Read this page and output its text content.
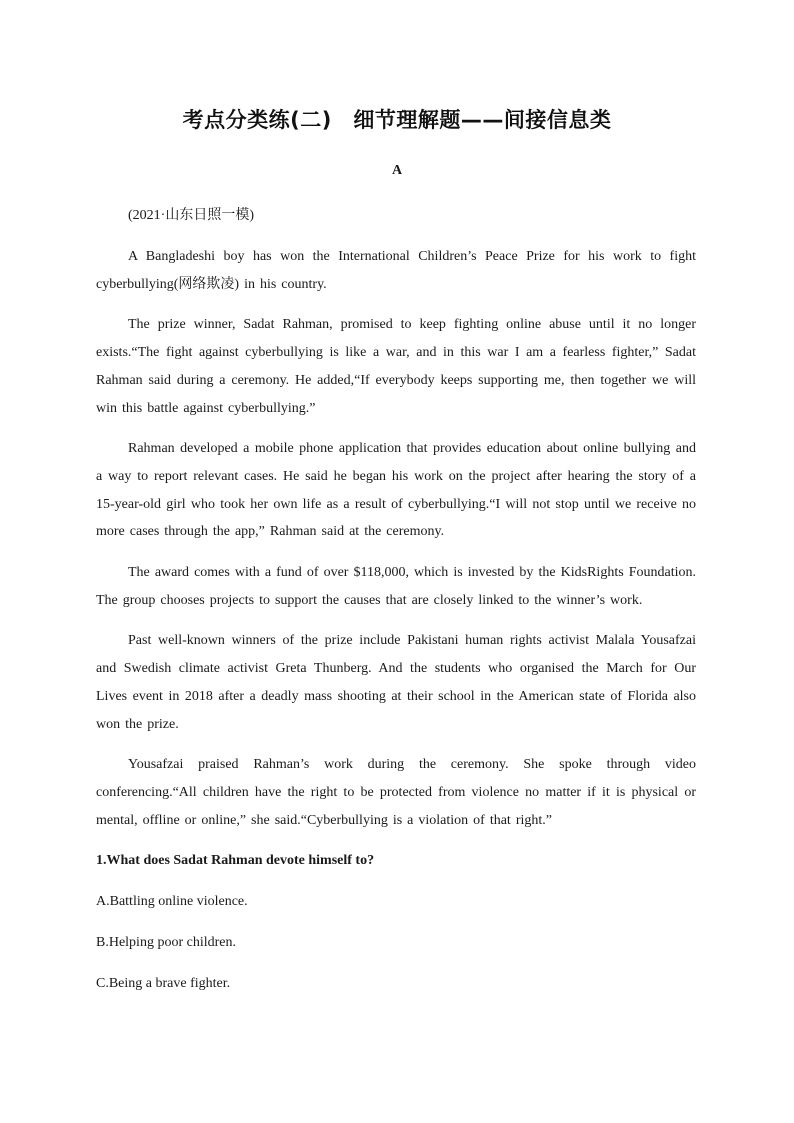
考点分类练(二)　细节理解题——间接信息类
A
(2021·山东日照一模)

A Bangladeshi boy has won the International Children’s Peace Prize for his work to fight cyberbullying(网络欺凌) in his country.

The prize winner, Sadat Rahman, promised to keep fighting online abuse until it no longer exists.“The fight against cyberbullying is like a war, and in this war I am a fearless fighter,” Sadat Rahman said during a ceremony. He added,“If everybody keeps supporting me, then together we will win this battle against cyberbullying.”

Rahman developed a mobile phone application that provides education about online bullying and a way to report relevant cases. He said he began his work on the project after hearing the story of a 15-year-old girl who took her own life as a result of cyberbullying.“I will not stop until we receive no more cases through the app,” Rahman said at the ceremony.

The award comes with a fund of over $118,000, which is invested by the KidsRights Foundation. The group chooses projects to support the causes that are closely linked to the winner’s work.

Past well-known winners of the prize include Pakistani human rights activist Malala Yousafzai and Swedish climate activist Greta Thunberg. And the students who organised the March for Our Lives event in 2018 after a deadly mass shooting at their school in the American state of Florida also won the prize.

Yousafzai praised Rahman’s work during the ceremony. She spoke through video conferencing.“All children have the right to be protected from violence no matter if it is physical or mental, offline or online,” she said.“Cyberbullying is a violation of that right.”

1.What does Sadat Rahman devote himself to?

A.Battling online violence.

B.Helping poor children.

C.Being a brave fighter.
